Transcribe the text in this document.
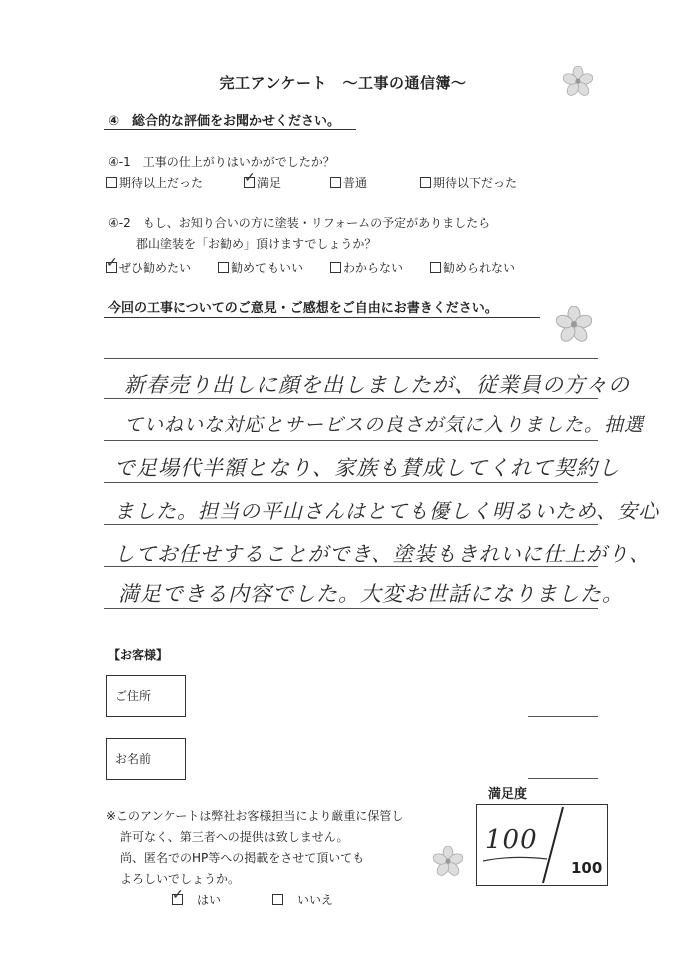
完工アンケート　～工事の通信簿～
④　総合的な評価をお聞かせください。
④-1　 工事の仕上がりはいかがでしたか？
期待以上だった	✓ 満足	普通	期待以下だった
④-2　 もし、お知り合いの方に塗装・リフォームの予定がありましたら
郡山塗装を「お勧め」頂けますでしょうか？
✓ ぜひ勧めたい	勧めてもいい	わからない	勧められない
今回の工事についてのご意見・ご感想をご自由にお書きください。
新春売り出しに顔を出しましたが、従業員の方々の
ていねいな対応とサービスの良さが気に入りました。抽選
で足場代半額となり、家族も賛成してくれて契約し
ました。担当の平山さんはとても優しく明るいため、安心
してお任せすることができ、塗装もきれいに仕上がり、
満足できる内容でした。大変お世話になりました。
【お客様】
ご住所
お名前
※このアンケートは弊社お客様担当により厳重に保管し
許可なく、第三者への提供は致しません。
尚、匿名でのHP等への掲載をさせて頂いても
よろしいでしょうか。
✓
　 はい
　	いいえ
満足度
100
100
